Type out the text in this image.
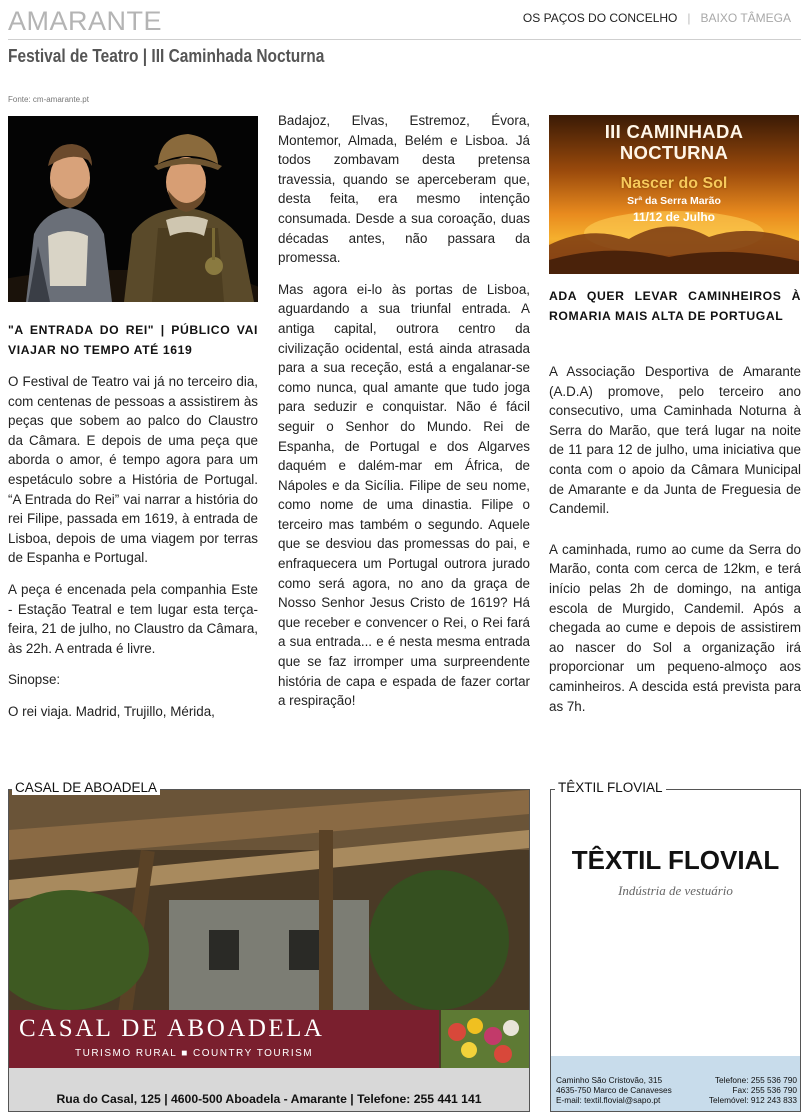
AMARANTE	OS PAÇOS DO CONCELHO | BAIXO TÂMEGA
Festival de Teatro | III Caminhada Nocturna
Fonte: cm-amarante.pt
"A ENTRADA DO REI" | PÚBLICO VAI VIAJAR NO TEMPO ATÉ 1619

O Festival de Teatro vai já no terceiro dia, com centenas de pessoas a assistirem às peças que sobem ao palco do Claustro da Câmara. E depois de uma peça que aborda o amor, é tempo agora para um espetáculo sobre a História de Portugal. “A Entrada do Rei” vai narrar a história do rei Filipe, passada em 1619, à entrada de Lisboa, depois de uma viagem por terras de Espanha e Portugal.

A peça é encenada pela companhia Este - Estação Teatral e tem lugar esta terça-feira, 21 de julho, no Claustro da Câmara, às 22h. A entrada é livre.

Sinopse:

O rei viaja. Madrid, Trujillo, Mérida,

Badajoz, Elvas, Estremoz, Évora, Montemor, Almada, Belém e Lisboa. Já todos zombavam desta pretensa travessia, quando se aperceberam que, desta feita, era mesmo intenção consumada. Desde a sua coroação, duas décadas antes, não passara da promessa.

Mas agora ei-lo às portas de Lisboa, aguardando a sua triunfal entrada. A antiga capital, outrora centro da civilização ocidental, está ainda atrasada para a sua receção, está a engalanar-se como nunca, qual amante que tudo joga para seduzir e conquistar. Não é fácil seguir o Senhor do Mundo. Rei de Espanha, de Portugal e dos Algarves daquém e dalém-mar em África, de Nápoles e da Sicília. Filipe de seu nome, como nome de uma dinastia. Filipe o terceiro mas também o segundo. Aquele que se desviou das promessas do pai, e enfraquecera um Portugal outrora jurado como será agora, no ano da graça de Nosso Senhor Jesus Cristo de 1619? Há que receber e convencer o Rei, o Rei fará a sua entrada... e é nesta mesma entrada que se faz irromper uma surpreendente história de capa e espada de fazer cortar a respiração!

III CAMINHADA NOCTURNA
Nascer do Sol
Srª da Serra Marão
11/12 de Julho
ADA QUER LEVAR CAMINHEIROS À ROMARIA MAIS ALTA DE PORTUGAL

A Associação Desportiva de Amarante (A.D.A) promove, pelo terceiro ano consecutivo, uma Caminhada Noturna à Serra do Marão, que terá lugar na noite de 11 para 12 de julho, uma iniciativa que conta com o apoio da Câmara Municipal de Amarante e da Junta de Freguesia de Candemil.

A caminhada, rumo ao cume da Serra do Marão, conta com cerca de 12km, e terá início pelas 2h de domingo, na antiga escola de Murgido, Candemil. Após a chegada ao cume e depois de assistirem ao nascer do Sol a organização irá proporcionar um pequeno-almoço aos caminheiros. A descida está prevista para as 7h.

CASAL DE ABOADELA
TURISMO RURAL ■ COUNTRY TOURISM
Rua do Casal, 125 | 4600-500 Aboadela - Amarante | Telefone: 255 441 141
CASAL DE ABOADELA
TÊXTIL FLOVIAL
Indústria de vestuário
Caminho São Cristovão, 315
4635-750 Marco de Canaveses
E-mail: textil.flovial@sapo.pt
Telefone: 255 536 790
Fax: 255 536 790
Telemóvel: 912 243 833
TÊXTIL FLOVIAL
